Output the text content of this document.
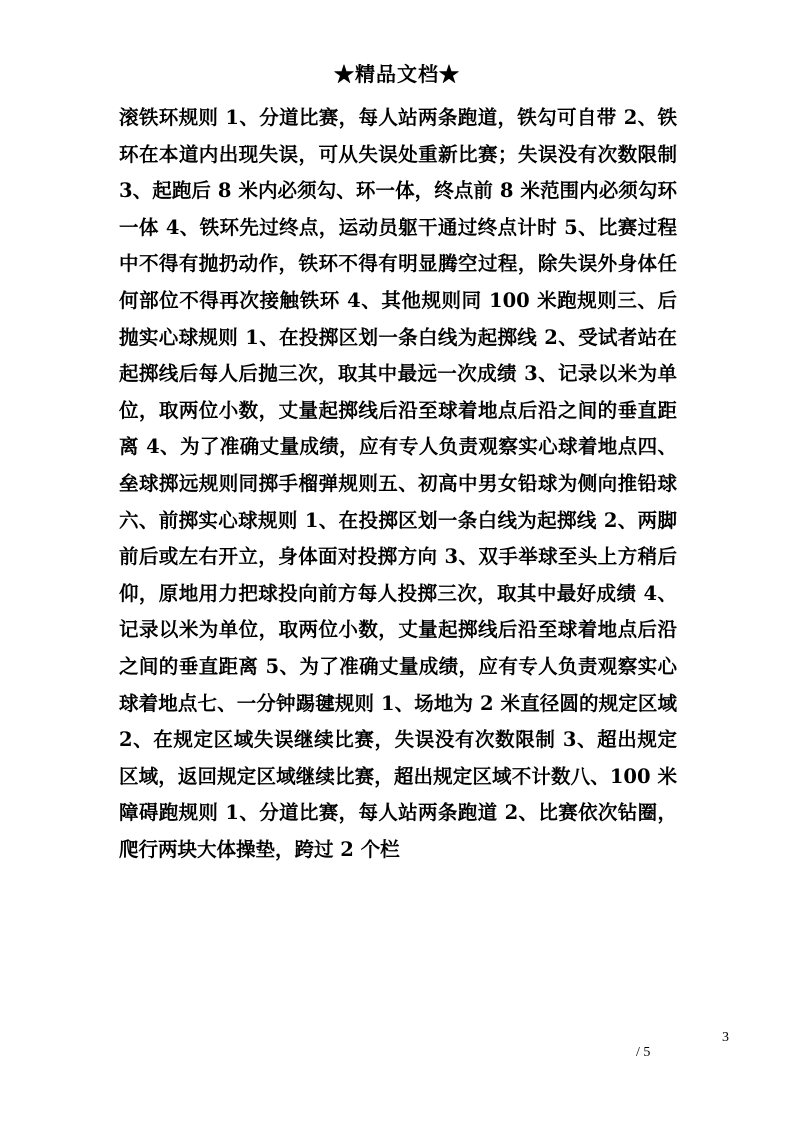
★精品文档★
滚铁环规则 1、分道比赛，每人站两条跑道，铁勾可自带 2、铁环在本道内出现失误，可从失误处重新比赛；失误没有次数限制 3、起跑后 8 米内必须勾、环一体，终点前 8 米范围内必须勾环一体 4、铁环先过终点，运动员躯干通过终点计时 5、比赛过程中不得有抛扔动作，铁环不得有明显腾空过程，除失误外身体任何部位不得再次接触铁环 4、其他规则同 100 米跑规则三、后抛实心球规则 1、在投掷区划一条白线为起掷线 2、受试者站在起掷线后每人后抛三次，取其中最远一次成绩 3、记录以米为单位，取两位小数，丈量起掷线后沿至球着地点后沿之间的垂直距离 4、为了准确丈量成绩，应有专人负责观察实心球着地点四、垒球掷远规则同掷手榴弹规则五、初高中男女铅球为侧向推铅球六、前掷实心球规则 1、在投掷区划一条白线为起掷线 2、两脚前后或左右开立，身体面对投掷方向 3、双手举球至头上方稍后仰，原地用力把球投向前方每人投掷三次，取其中最好成绩 4、记录以米为单位，取两位小数，丈量起掷线后沿至球着地点后沿之间的垂直距离 5、为了准确丈量成绩，应有专人负责观察实心球着地点七、一分钟踢毽规则 1、场地为 2 米直径圆的规定区域 2、在规定区域失误继续比赛，失误没有次数限制 3、超出规定区域，返回规定区域继续比赛，超出规定区域不计数八、100 米障碍跑规则 1、分道比赛，每人站两条跑道 2、比赛依次钻圈，爬行两块大体操垫，跨过 2 个栏
3
/ 5
